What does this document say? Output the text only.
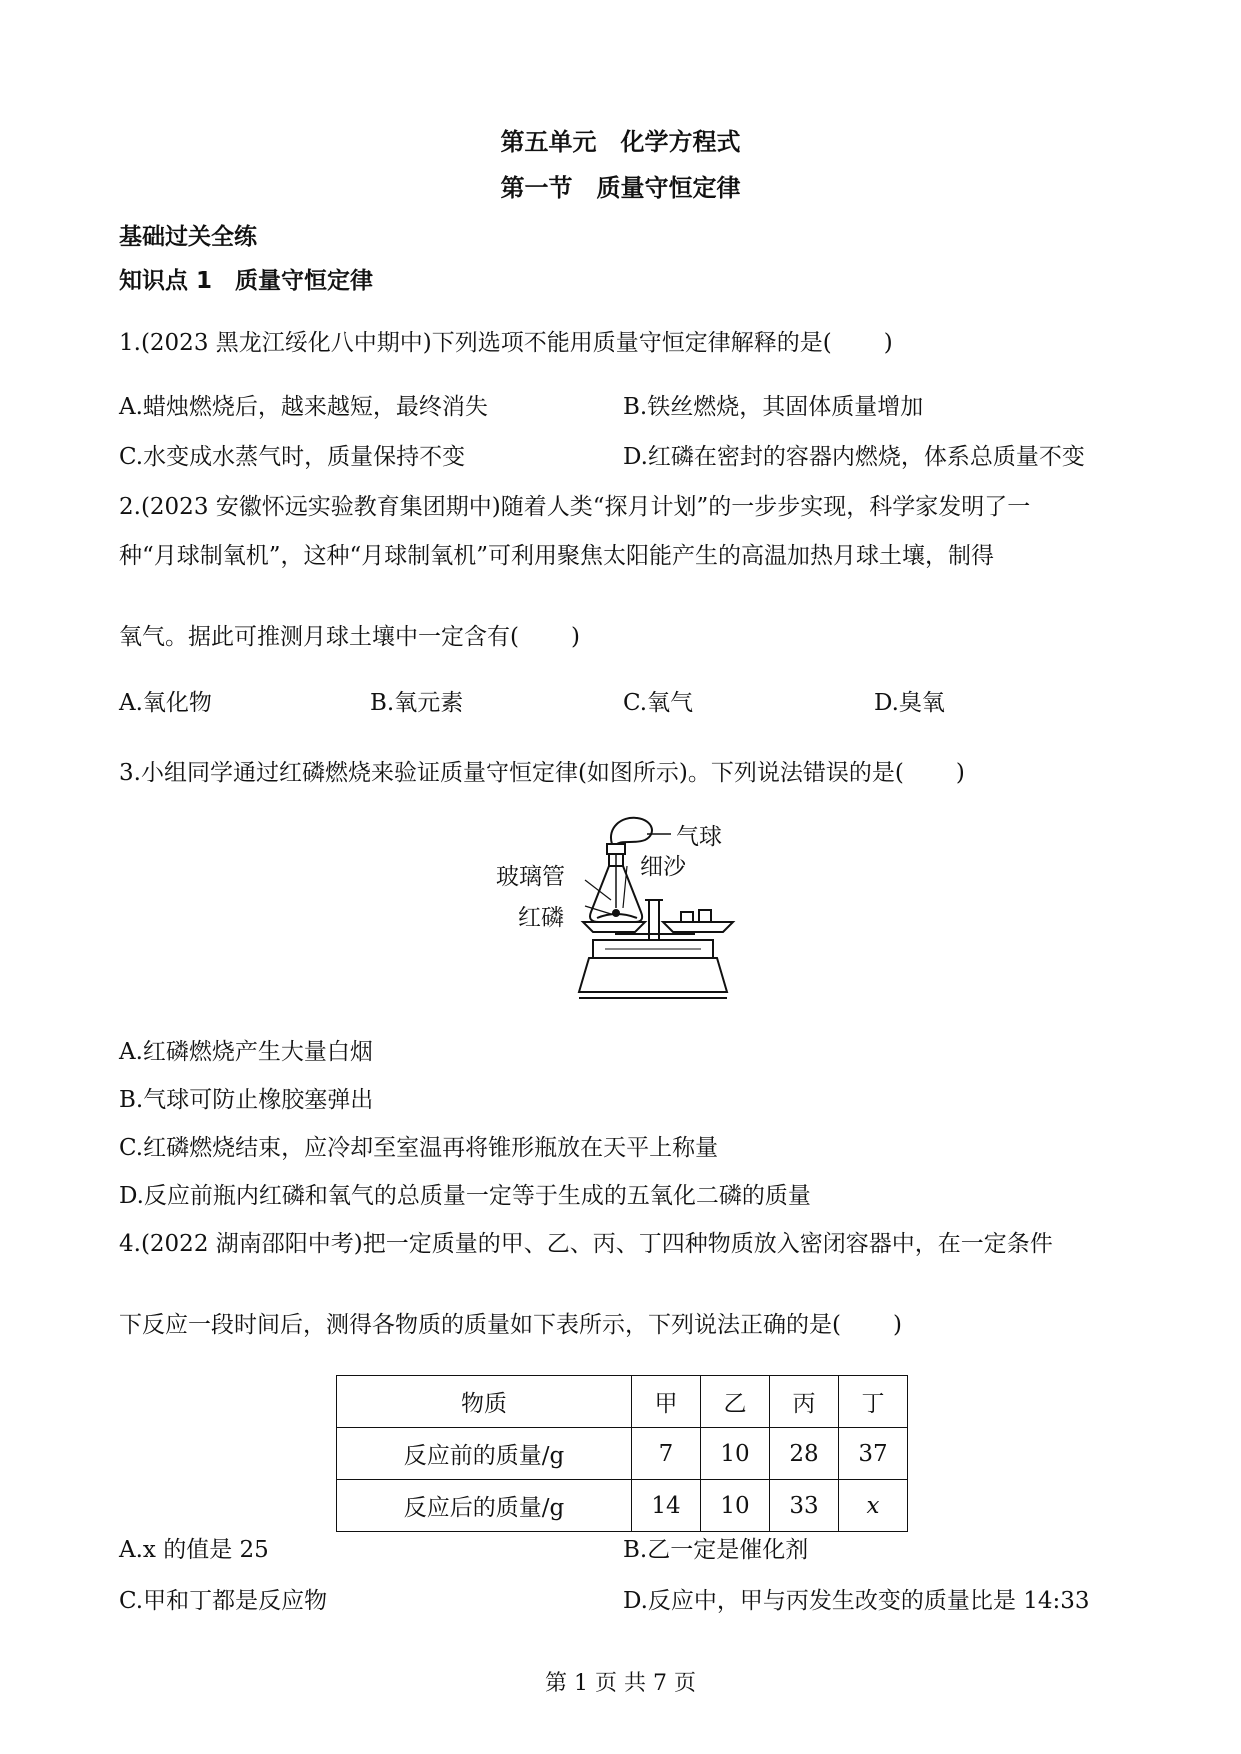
第五单元　化学方程式
第一节　质量守恒定律
基础过关全练
知识点 1　质量守恒定律
1.(2023 黑龙江绥化八中期中)下列选项不能用质量守恒定律解释的是( )
A.蜡烛燃烧后，越来越短，最终消失	B.铁丝燃烧，其固体质量增加
C.水变成水蒸气时，质量保持不变	D.红磷在密封的容器内燃烧，体系总质量不变
2.(2023 安徽怀远实验教育集团期中)随着人类“探月计划”的一步步实现，科学家发明了一
种“月球制氧机”，这种“月球制氧机”可利用聚焦太阳能产生的高温加热月球土壤，制得
氧气。据此可推测月球土壤中一定含有( )
A.氧化物	B.氧元素	C.氧气	D.臭氧
3.小组同学通过红磷燃烧来验证质量守恒定律(如图所示)。下列说法错误的是( )
气球
细沙
玻璃管
红磷
A.红磷燃烧产生大量白烟
B.气球可防止橡胶塞弹出
C.红磷燃烧结束，应冷却至室温再将锥形瓶放在天平上称量
D.反应前瓶内红磷和氧气的总质量一定等于生成的五氧化二磷的质量
4.(2022 湖南邵阳中考)把一定质量的甲、乙、丙、丁四种物质放入密闭容器中，在一定条件
下反应一段时间后，测得各物质的质量如下表所示，下列说法正确的是( )
物质	甲	乙	丙	丁
反应前的质量/g	7	10	28	37
反应后的质量/g	14	10	33	x
A.x 的值是 25	B.乙一定是催化剂
C.甲和丁都是反应物	D.反应中，甲与丙发生改变的质量比是 14:33
第 1 页 共 7 页
